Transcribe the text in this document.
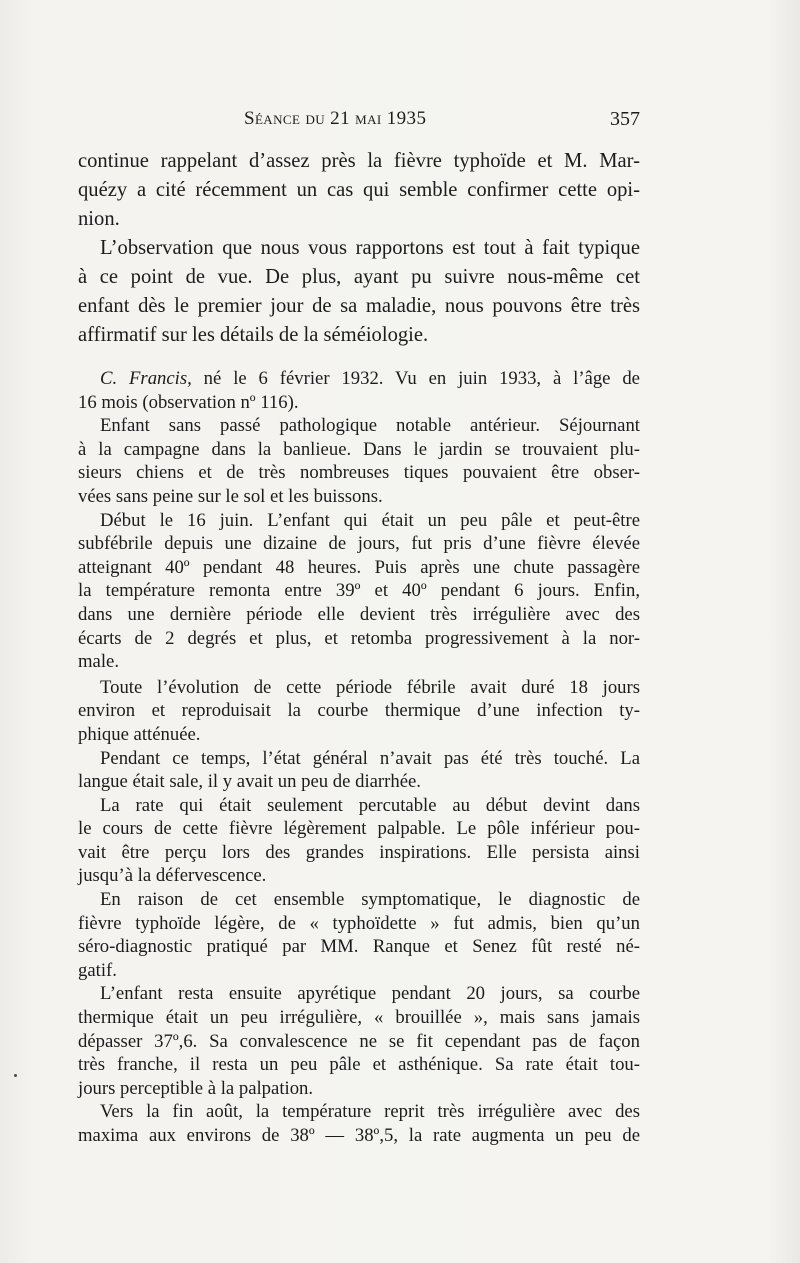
Séance du 21 mai 1935	357
continue rappelant d’assez près la fièvre typhoïde et M. Mar-
quézy a cité récemment un cas qui semble confirmer cette opi-
nion.
L’observation que nous vous rapportons est tout à fait typique
à ce point de vue. De plus, ayant pu suivre nous-même cet
enfant dès le premier jour de sa maladie, nous pouvons être très
affirmatif sur les détails de la séméiologie.
C. Francis, né le 6 février 1932. Vu en juin 1933, à l’âge de
16 mois (observation nº 116).
Enfant sans passé pathologique notable antérieur. Séjournant
à la campagne dans la banlieue. Dans le jardin se trouvaient plu-
sieurs chiens et de très nombreuses tiques pouvaient être obser-
vées sans peine sur le sol et les buissons.
Début le 16 juin. L’enfant qui était un peu pâle et peut-être
subfébrile depuis une dizaine de jours, fut pris d’une fièvre élevée
atteignant 40º pendant 48 heures. Puis après une chute passagère
la température remonta entre 39º et 40º pendant 6 jours. Enfin,
dans une dernière période elle devient très irrégulière avec des
écarts de 2 degrés et plus, et retomba progressivement à la nor-
male.
Toute l’évolution de cette période fébrile avait duré 18 jours
environ et reproduisait la courbe thermique d’une infection ty-
phique atténuée.
Pendant ce temps, l’état général n’avait pas été très touché. La
langue était sale, il y avait un peu de diarrhée.
La rate qui était seulement percutable au début devint dans
le cours de cette fièvre légèrement palpable. Le pôle inférieur pou-
vait être perçu lors des grandes inspirations. Elle persista ainsi
jusqu’à la défervescence.
En raison de cet ensemble symptomatique, le diagnostic de
fièvre typhoïde légère, de « typhoïdette » fut admis, bien qu’un
séro-diagnostic pratiqué par MM. Ranque et Senez fût resté né-
gatif.
L’enfant resta ensuite apyrétique pendant 20 jours, sa courbe
thermique était un peu irrégulière, « brouillée », mais sans jamais
dépasser 37º,6. Sa convalescence ne se fit cependant pas de façon
très franche, il resta un peu pâle et asthénique. Sa rate était tou-
jours perceptible à la palpation.
Vers la fin août, la température reprit très irrégulière avec des
maxima aux environs de 38º — 38º,5, la rate augmenta un peu de
